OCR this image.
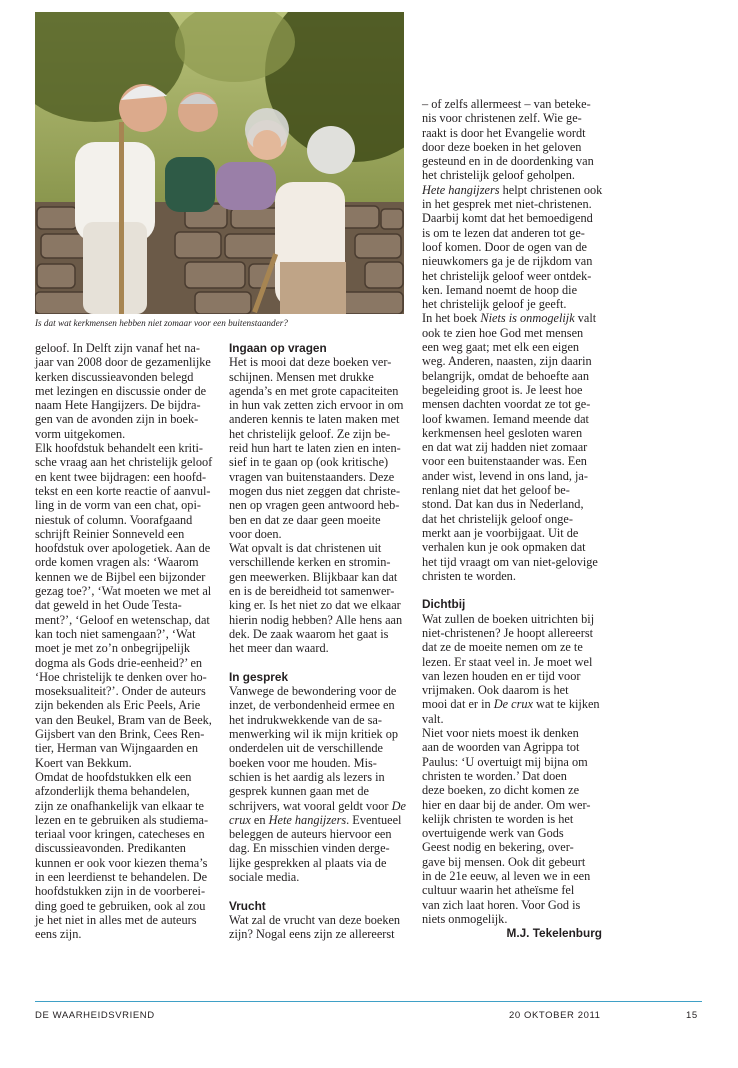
Is dat wat kerkmensen hebben niet zomaar voor een buitenstaander?
geloof. In Delft zijn vanaf het na-
jaar van 2008 door de gezamenlijke
kerken discussieavonden belegd
met lezingen en discussie onder de
naam Hete Hangijzers. De bijdra-
gen van de avonden zijn in boek-
vorm uitgekomen.
Elk hoofdstuk behandelt een kriti-
sche vraag aan het christelijk geloof
en kent twee bijdragen: een hoofd-
tekst en een korte reactie of aanvul-
ling in de vorm van een chat, opi-
niestuk of column. Voorafgaand
schrijft Reinier Sonneveld een
hoofdstuk over apologetiek. Aan de
orde komen vragen als: ‘Waarom
kennen we de Bijbel een bijzonder
gezag toe?’, ‘Wat moeten we met al
dat geweld in het Oude Testa-
ment?’, ‘Geloof en wetenschap, dat
kan toch niet samengaan?’, ‘Wat
moet je met zo’n onbegrijpelijk
dogma als Gods drie-eenheid?’ en
‘Hoe christelijk te denken over ho-
moseksualiteit?’. Onder de auteurs
zijn bekenden als Eric Peels, Arie
van den Beukel, Bram van de Beek,
Gijsbert van den Brink, Cees Ren-
tier, Herman van Wijngaarden en
Koert van Bekkum.
Omdat de hoofdstukken elk een
afzonderlijk thema behandelen,
zijn ze onafhankelijk van elkaar te
lezen en te gebruiken als studiema-
teriaal voor kringen, catecheses en
discussieavonden. Predikanten
kunnen er ook voor kiezen thema’s
in een leerdienst te behandelen. De
hoofdstukken zijn in de voorberei-
ding goed te gebruiken, ook al zou
je het niet in alles met de auteurs
eens zijn.
Ingaan op vragen
Het is mooi dat deze boeken ver-
schijnen. Mensen met drukke
agenda’s en met grote capaciteiten
in hun vak zetten zich ervoor in om
anderen kennis te laten maken met
het christelijk geloof. Ze zijn be-
reid hun hart te laten zien en inten-
sief in te gaan op (ook kritische)
vragen van buitenstaanders. Deze
mogen dus niet zeggen dat christe-
nen op vragen geen antwoord heb-
ben en dat ze daar geen moeite
voor doen.
Wat opvalt is dat christenen uit
verschillende kerken en stromin-
gen meewerken. Blijkbaar kan dat
en is de bereidheid tot samenwer-
king er. Is het niet zo dat we elkaar
hierin nodig hebben? Alle hens aan
dek. De zaak waarom het gaat is
het meer dan waard.
In gesprek
Vanwege de bewondering voor de
inzet, de verbondenheid ermee en
het indrukwekkende van de sa-
menwerking wil ik mijn kritiek op
onderdelen uit de verschillende
boeken voor me houden. Mis-
schien is het aardig als lezers in
gesprek kunnen gaan met de
schrijvers, wat vooral geldt voor De
crux en Hete hangijzers. Eventueel
beleggen de auteurs hiervoor een
dag. En misschien vinden derge-
lijke gesprekken al plaats via de
sociale media.
Vrucht
Wat zal de vrucht van deze boeken
zijn? Nogal eens zijn ze allereerst
– of zelfs allermeest – van beteke-
nis voor christenen zelf. Wie ge-
raakt is door het Evangelie wordt
door deze boeken in het geloven
gesteund en in de doordenking van
het christelijk geloof geholpen.
Hete hangijzers helpt christenen ook
in het gesprek met niet-christenen.
Daarbij komt dat het bemoedigend
is om te lezen dat anderen tot ge-
loof komen. Door de ogen van de
nieuwkomers ga je de rijkdom van
het christelijk geloof weer ontdek-
ken. Iemand noemt de hoop die
het christelijk geloof je geeft.
In het boek Niets is onmogelijk valt
ook te zien hoe God met mensen
een weg gaat; met elk een eigen
weg. Anderen, naasten, zijn daarin
belangrijk, omdat de behoefte aan
begeleiding groot is. Je leest hoe
mensen dachten voordat ze tot ge-
loof kwamen. Iemand meende dat
kerkmensen heel gesloten waren
en dat wat zij hadden niet zomaar
voor een buitenstaander was. Een
ander wist, levend in ons land, ja-
renlang niet dat het geloof be-
stond. Dat kan dus in Nederland,
dat het christelijk geloof onge-
merkt aan je voorbijgaat. Uit de
verhalen kun je ook opmaken dat
het tijd vraagt om van niet-gelovige
christen te worden.
Dichtbij
Wat zullen de boeken uitrichten bij
niet-christenen? Je hoopt allereerst
dat ze de moeite nemen om ze te
lezen. Er staat veel in. Je moet wel
van lezen houden en er tijd voor
vrijmaken. Ook daarom is het
mooi dat er in De crux wat te kijken
valt.
Niet voor niets moest ik denken
aan de woorden van Agrippa tot
Paulus: ‘U overtuigt mij bijna om
christen te worden.’ Dat doen
deze boeken, zo dicht komen ze
hier en daar bij de ander. Om wer-
kelijk christen te worden is het
overtuigende werk van Gods
Geest nodig en bekering, over-
gave bij mensen. Ook dit gebeurt
in de 21e eeuw, al leven we in een
cultuur waarin het atheïsme fel
van zich laat horen. Voor God is
niets onmogelijk.
M.J. Tekelenburg
DE WAARHEIDSVRIEND	20 OKTOBER 2011	15
